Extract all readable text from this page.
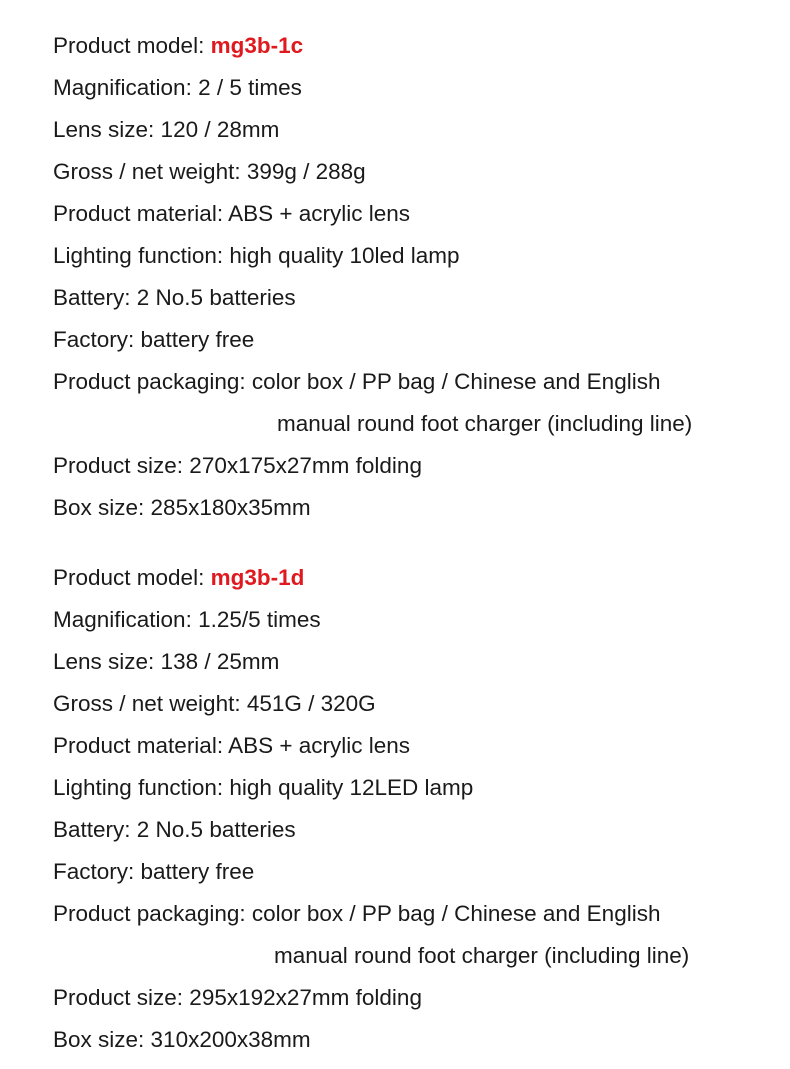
Product model: mg3b-1c
Magnification: 2 / 5 times
Lens size: 120 / 28mm
Gross / net weight: 399g / 288g
Product material: ABS + acrylic lens
Lighting function: high quality 10led lamp
Battery: 2 No.5 batteries
Factory: battery free
Product packaging: color box / PP bag / Chinese and English
manual round foot charger (including line)
Product size: 270x175x27mm folding
Box size: 285x180x35mm
Product model: mg3b-1d
Magnification: 1.25/5 times
Lens size: 138 / 25mm
Gross / net weight: 451G / 320G
Product material: ABS + acrylic lens
Lighting function: high quality 12LED lamp
Battery: 2 No.5 batteries
Factory: battery free
Product packaging: color box / PP bag / Chinese and English
manual round foot charger (including line)
Product size: 295x192x27mm folding
Box size: 310x200x38mm
